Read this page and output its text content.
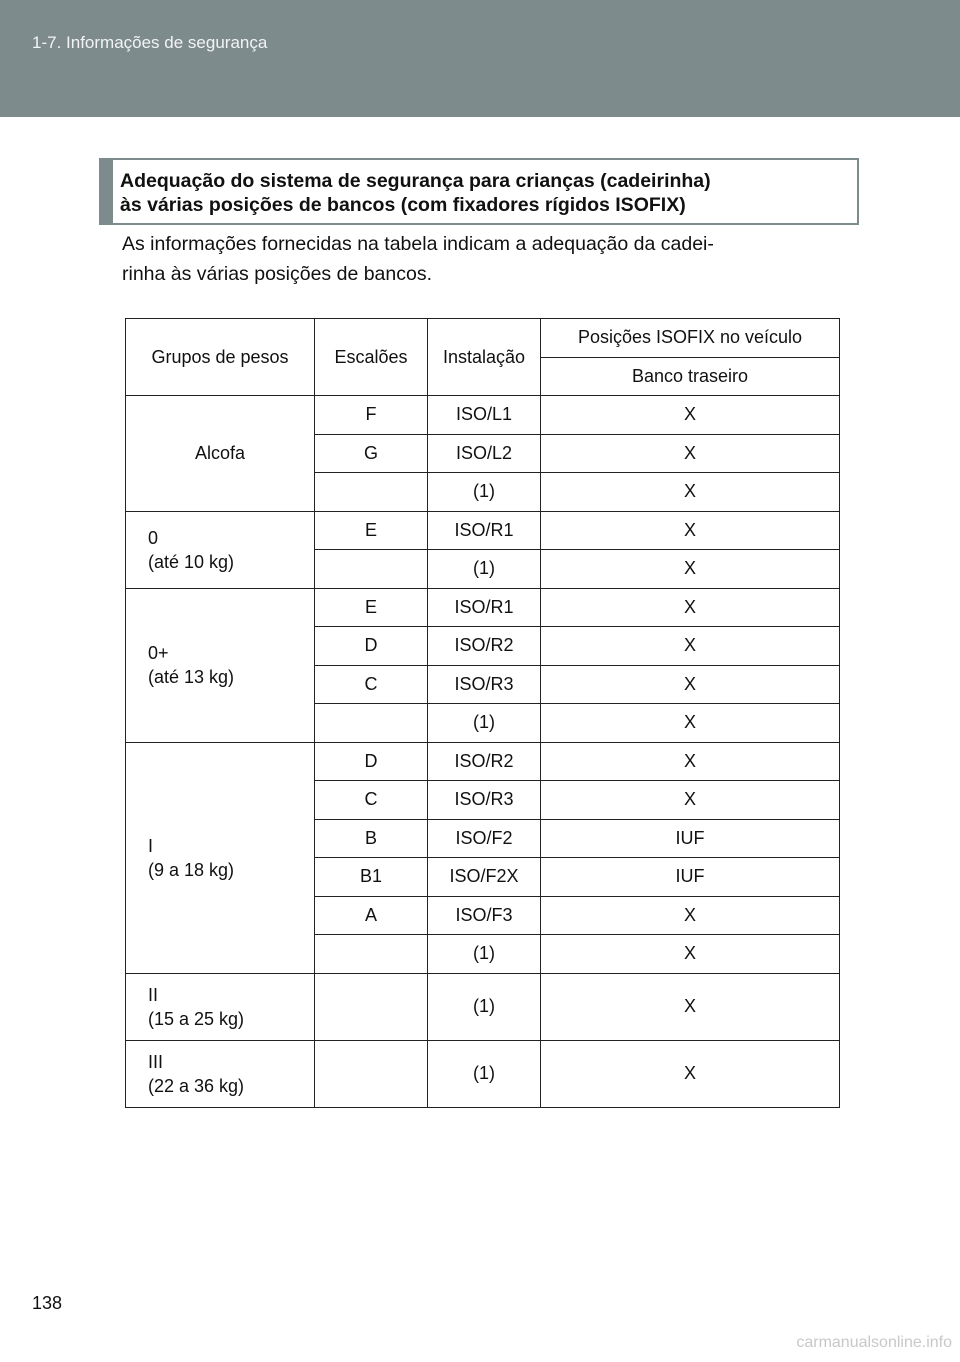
1-7. Informações de segurança
Adequação do sistema de segurança para crianças (cadeirinha)
às várias posições de bancos (com fixadores rígidos ISOFIX)
As informações fornecidas na tabela indicam a adequação da cadei-
rinha às várias posições de bancos.
Grupos de pesos	Escalões	Instalação	Posições ISOFIX no veículo
			Banco traseiro

Alcofa	F	ISO/L1	X
	G	ISO/L2	X
		(1)	X

0
(até 10 kg)	E	ISO/R1	X
		(1)	X

0+
(até 13 kg)	E	ISO/R1	X
	D	ISO/R2	X
	C	ISO/R3	X
		(1)	X

I
(9 a 18 kg)	D	ISO/R2	X
	C	ISO/R3	X
	B	ISO/F2	IUF
	B1	ISO/F2X	IUF
	A	ISO/F3	X
		(1)	X

II
(15 a 25 kg)		(1)	X

III
(22 a 36 kg)		(1)	X
138
carmanualsonline.info
